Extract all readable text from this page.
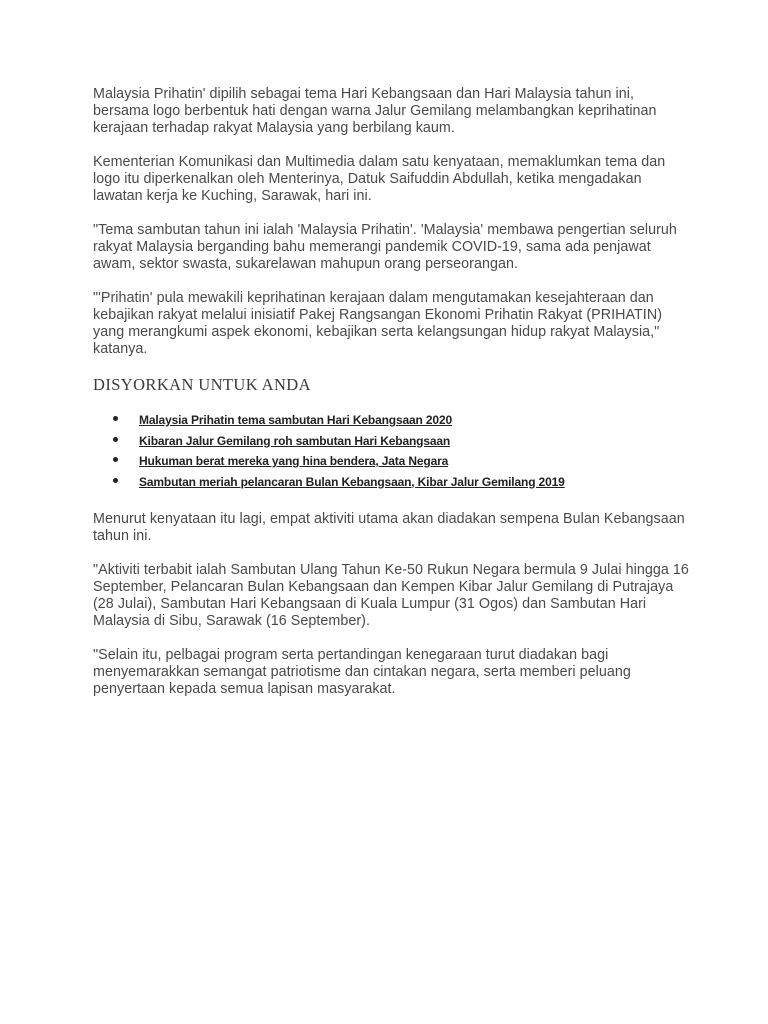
Malaysia Prihatin' dipilih sebagai tema Hari Kebangsaan dan Hari Malaysia tahun ini, bersama logo berbentuk hati dengan warna Jalur Gemilang melambangkan keprihatinan kerajaan terhadap rakyat Malaysia yang berbilang kaum.

Kementerian Komunikasi dan Multimedia dalam satu kenyataan, memaklumkan tema dan logo itu diperkenalkan oleh Menterinya, Datuk Saifuddin Abdullah, ketika mengadakan lawatan kerja ke Kuching, Sarawak, hari ini.

"Tema sambutan tahun ini ialah 'Malaysia Prihatin'. 'Malaysia' membawa pengertian seluruh rakyat Malaysia berganding bahu memerangi pandemik COVID-19, sama ada penjawat awam, sektor swasta, sukarelawan mahupun orang perseorangan.

"'Prihatin' pula mewakili keprihatinan kerajaan dalam mengutamakan kesejahteraan dan kebajikan rakyat melalui inisiatif Pakej Rangsangan Ekonomi Prihatin Rakyat (PRIHATIN) yang merangkumi aspek ekonomi, kebajikan serta kelangsungan hidup rakyat Malaysia," katanya.

DISYORKAN UNTUK ANDA
Malaysia Prihatin tema sambutan Hari Kebangsaan 2020
Kibaran Jalur Gemilang roh sambutan Hari Kebangsaan
Hukuman berat mereka yang hina bendera, Jata Negara
Sambutan meriah pelancaran Bulan Kebangsaan, Kibar Jalur Gemilang 2019

Menurut kenyataan itu lagi, empat aktiviti utama akan diadakan sempena Bulan Kebangsaan tahun ini.

"Aktiviti terbabit ialah Sambutan Ulang Tahun Ke-50 Rukun Negara bermula 9 Julai hingga 16 September, Pelancaran Bulan Kebangsaan dan Kempen Kibar Jalur Gemilang di Putrajaya (28 Julai), Sambutan Hari Kebangsaan di Kuala Lumpur (31 Ogos) dan Sambutan Hari Malaysia di Sibu, Sarawak (16 September).

"Selain itu, pelbagai program serta pertandingan kenegaraan turut diadakan bagi menyemarakkan semangat patriotisme dan cintakan negara, serta memberi peluang penyertaan kepada semua lapisan masyarakat.
